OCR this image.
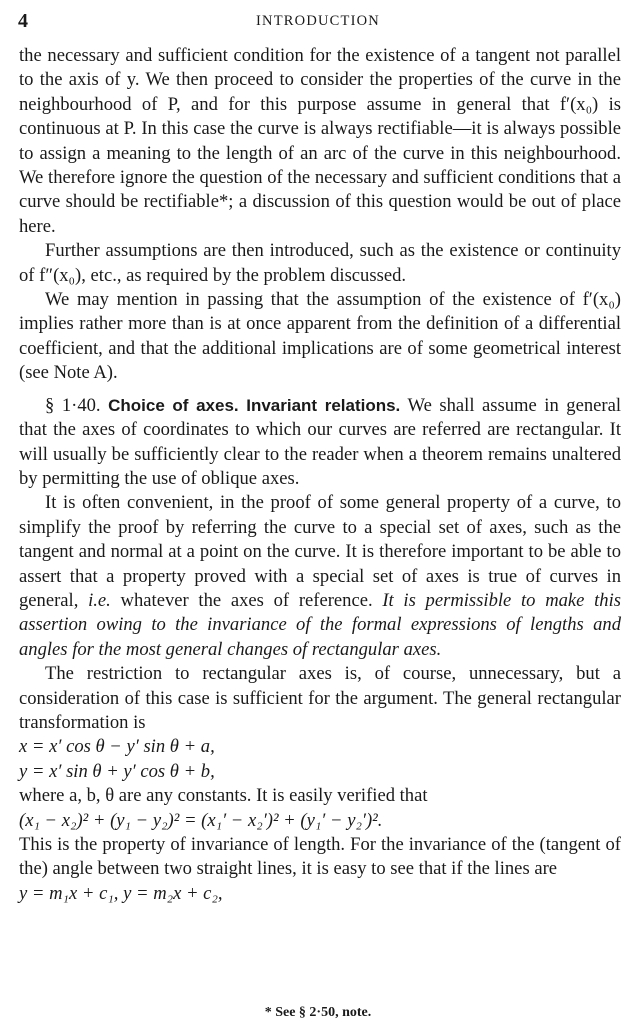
4	INTRODUCTION

the necessary and sufficient condition for the existence of a tangent not parallel to the axis of y. We then proceed to consider the properties of the curve in the neighbourhood of P, and for this purpose assume in general that f′(x₀) is continuous at P. In this case the curve is always rectifiable—it is always possible to assign a meaning to the length of an arc of the curve in this neighbourhood. We therefore ignore the question of the necessary and sufficient conditions that a curve should be rectifiable*; a discussion of this question would be out of place here.

Further assumptions are then introduced, such as the existence or continuity of f″(x₀), etc., as required by the problem discussed.

We may mention in passing that the assumption of the existence of f′(x₀) implies rather more than is at once apparent from the definition of a differential coefficient, and that the additional implications are of some geometrical interest (see Note A).

§ 1·40. Choice of axes. Invariant relations. We shall assume in general that the axes of coordinates to which our curves are referred are rectangular. It will usually be sufficiently clear to the reader when a theorem remains unaltered by permitting the use of oblique axes.

It is often convenient, in the proof of some general property of a curve, to simplify the proof by referring the curve to a special set of axes, such as the tangent and normal at a point on the curve. It is therefore important to be able to assert that a property proved with a special set of axes is true of curves in general, i.e. whatever the axes of reference. It is permissible to make this assertion owing to the invariance of the formal expressions of lengths and angles for the most general changes of rectangular axes.

The restriction to rectangular axes is, of course, unnecessary, but a consideration of this case is sufficient for the argument. The general rectangular transformation is

x = x′ cos θ − y′ sin θ + a,

y = x′ sin θ + y′ cos θ + b,

where a, b, θ are any constants. It is easily verified that

(x₁ − x₂)² + (y₁ − y₂)² = (x₁′ − x₂′)² + (y₁′ − y₂′)².

This is the property of invariance of length. For the invariance of the (tangent of the) angle between two straight lines, it is easy to see that if the lines are

y = m₁x + c₁, y = m₂x + c₂,

* See § 2·50, note.
